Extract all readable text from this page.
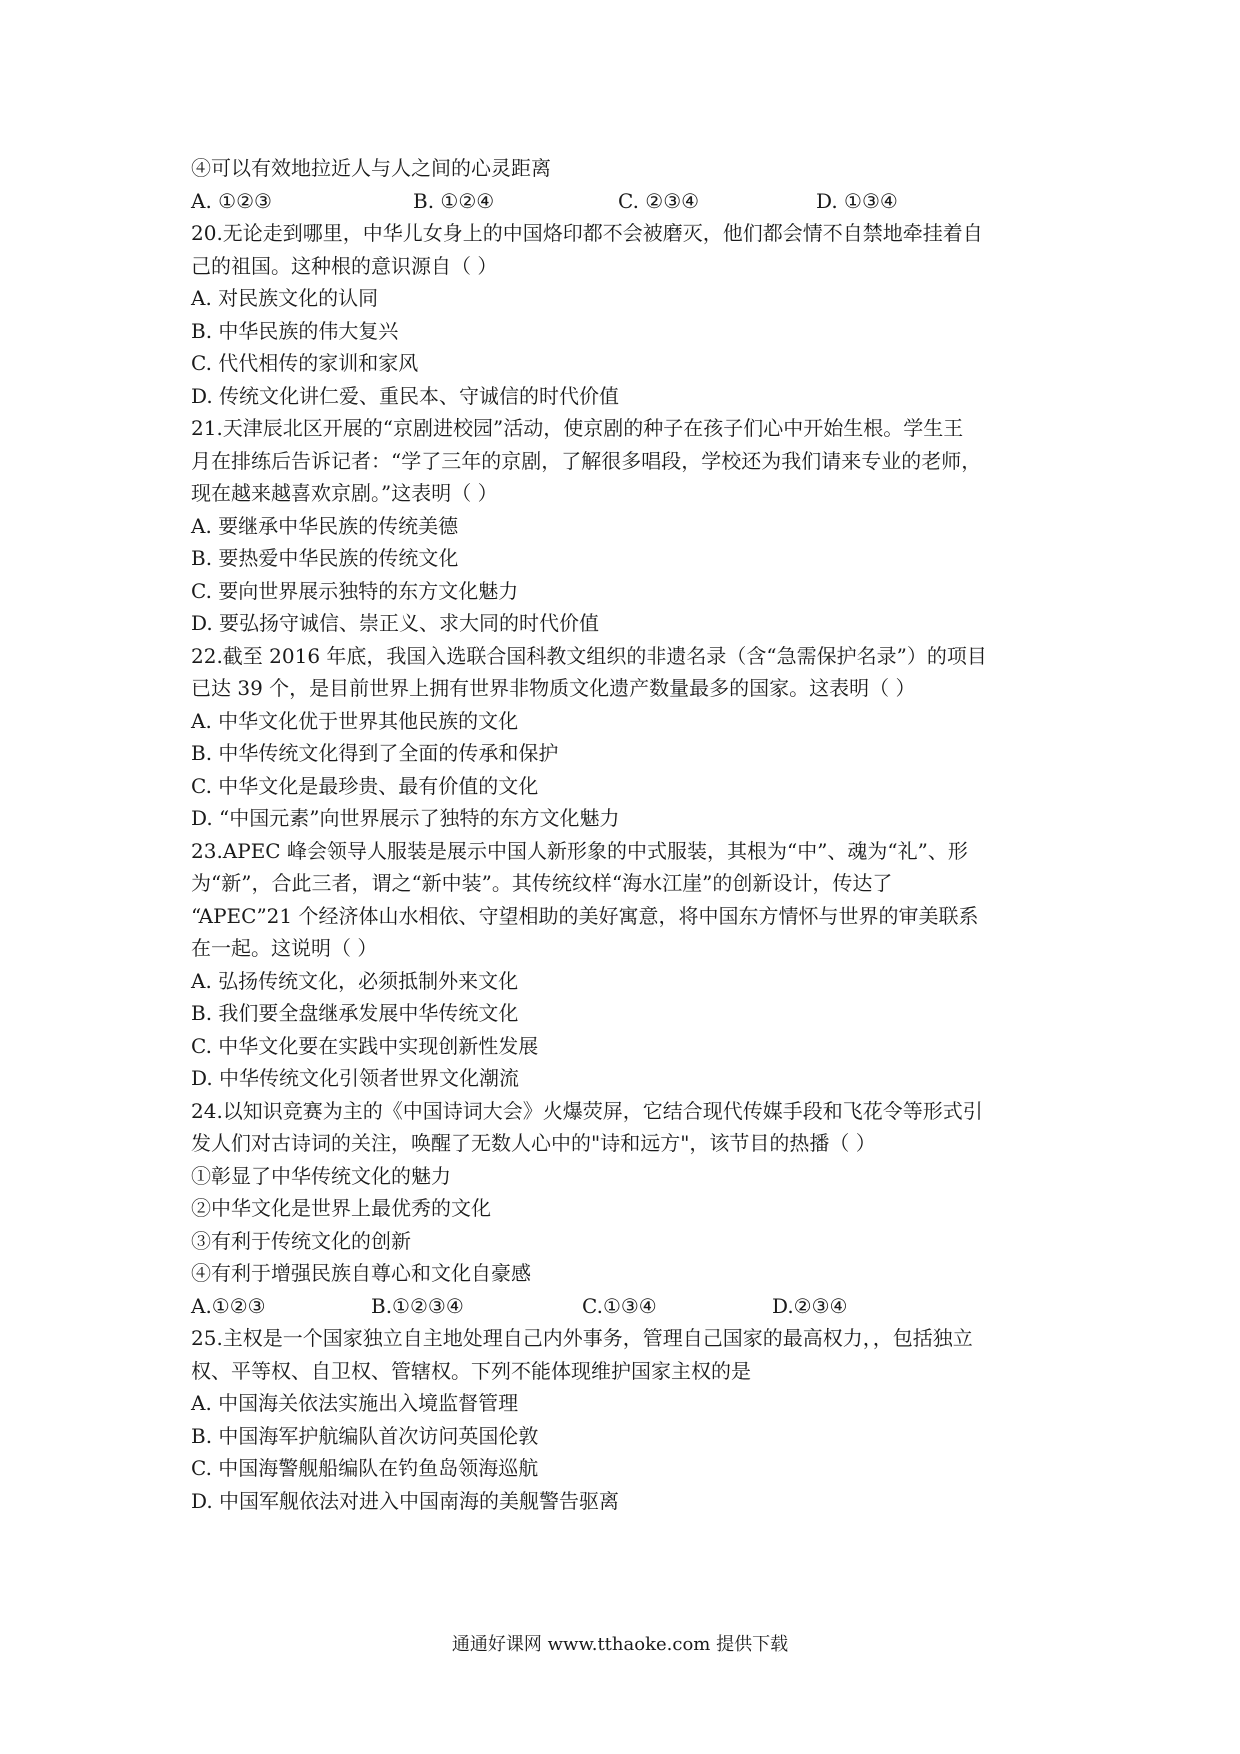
④可以有效地拉近人与人之间的心灵距离
A. ①②③	B. ①②④	C. ②③④	D. ①③④
20.无论走到哪里，中华儿女身上的中国烙印都不会被磨灭，他们都会情不自禁地牵挂着自
己的祖国。这种根的意识源自（ ）
A. 对民族文化的认同
B. 中华民族的伟大复兴
C. 代代相传的家训和家风
D. 传统文化讲仁爱、重民本、守诚信的时代价值
21.天津辰北区开展的“京剧进校园”活动，使京剧的种子在孩子们心中开始生根。学生王
月在排练后告诉记者：“学了三年的京剧，了解很多唱段，学校还为我们请来专业的老师，
现在越来越喜欢京剧。”这表明（ ）
A. 要继承中华民族的传统美德
B. 要热爱中华民族的传统文化
C. 要向世界展示独特的东方文化魅力
D. 要弘扬守诚信、崇正义、求大同的时代价值
22.截至 2016 年底，我国入选联合国科教文组织的非遗名录（含“急需保护名录”）的项目
已达 39 个，是目前世界上拥有世界非物质文化遗产数量最多的国家。这表明（ ）
A. 中华文化优于世界其他民族的文化
B. 中华传统文化得到了全面的传承和保护
C. 中华文化是最珍贵、最有价值的文化
D. “中国元素”向世界展示了独特的东方文化魅力
23.APEC 峰会领导人服装是展示中国人新形象的中式服装，其根为“中”、魂为“礼”、形
为“新”，合此三者，谓之“新中装”。其传统纹样“海水江崖”的创新设计，传达了
“APEC”21 个经济体山水相依、守望相助的美好寓意，将中国东方情怀与世界的审美联系
在一起。这说明（ ）
A. 弘扬传统文化，必须抵制外来文化
B. 我们要全盘继承发展中华传统文化
C. 中华文化要在实践中实现创新性发展
D. 中华传统文化引领者世界文化潮流
24.以知识竞赛为主的《中国诗词大会》火爆荧屏，它结合现代传媒手段和飞花令等形式引
发人们对古诗词的关注，唤醒了无数人心中的"诗和远方"，该节目的热播（ ）
①彰显了中华传统文化的魅力
②中华文化是世界上最优秀的文化
③有利于传统文化的创新
④有利于增强民族自尊心和文化自豪感
A.①②③	B.①②③④	C.①③④	D.②③④
25.主权是一个国家独立自主地处理自己内外事务，管理自己国家的最高权力，，包括独立
权、平等权、自卫权、管辖权。下列不能体现维护国家主权的是
A. 中国海关依法实施出入境监督管理
B. 中国海军护航编队首次访问英国伦敦
C. 中国海警舰船编队在钓鱼岛领海巡航
D. 中国军舰依法对进入中国南海的美舰警告驱离
通通好课网 www.tthaoke.com 提供下载
